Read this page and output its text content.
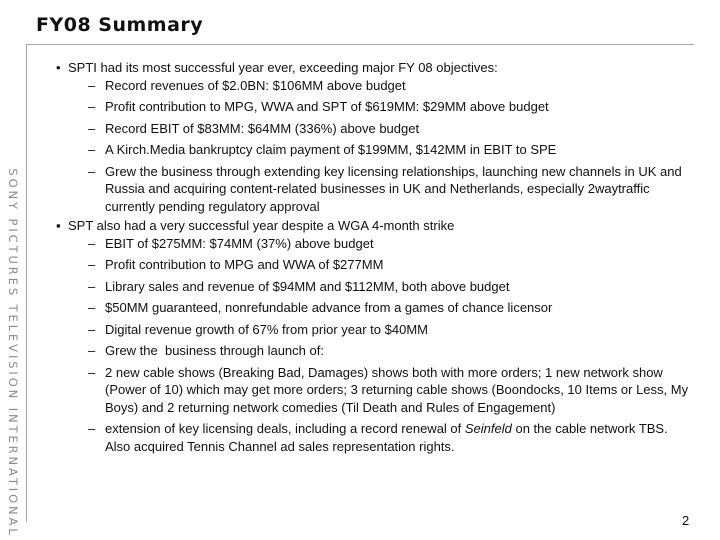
FY08 Summary
SONY PICTURES TELEVISION INTERNATIONAL
• SPTI had its most successful year ever, exceeding major FY 08 objectives:
– Record revenues of $2.0BN: $106MM above budget
– Profit contribution to MPG, WWA and SPT of $619MM: $29MM above budget
– Record EBIT of $83MM: $64MM (336%) above budget
– A Kirch.Media bankruptcy claim payment of $199MM, $142MM in EBIT to SPE
– Grew the business through extending key licensing relationships, launching new channels in UK and Russia and acquiring content-related businesses in UK and Netherlands, especially 2waytraffic currently pending regulatory approval
▪ SPT also had a very successful year despite a WGA 4-month strike
– EBIT of $275MM: $74MM (37%) above budget
– Profit contribution to MPG and WWA of $277MM
– Library sales and revenue of $94MM and $112MM, both above budget
– $50MM guaranteed, nonrefundable advance from a games of chance licensor
– Digital revenue growth of 67% from prior year to $40MM
– Grew the  business through launch of:
– 2 new cable shows (Breaking Bad, Damages) shows both with more orders; 1 new network show (Power of 10) which may get more orders; 3 returning cable shows (Boondocks, 10 Items or Less, My Boys) and 2 returning network comedies (Til Death and Rules of Engagement)
– extension of key licensing deals, including a record renewal of Seinfeld on the cable network TBS.  Also acquired Tennis Channel ad sales representation rights.
2
